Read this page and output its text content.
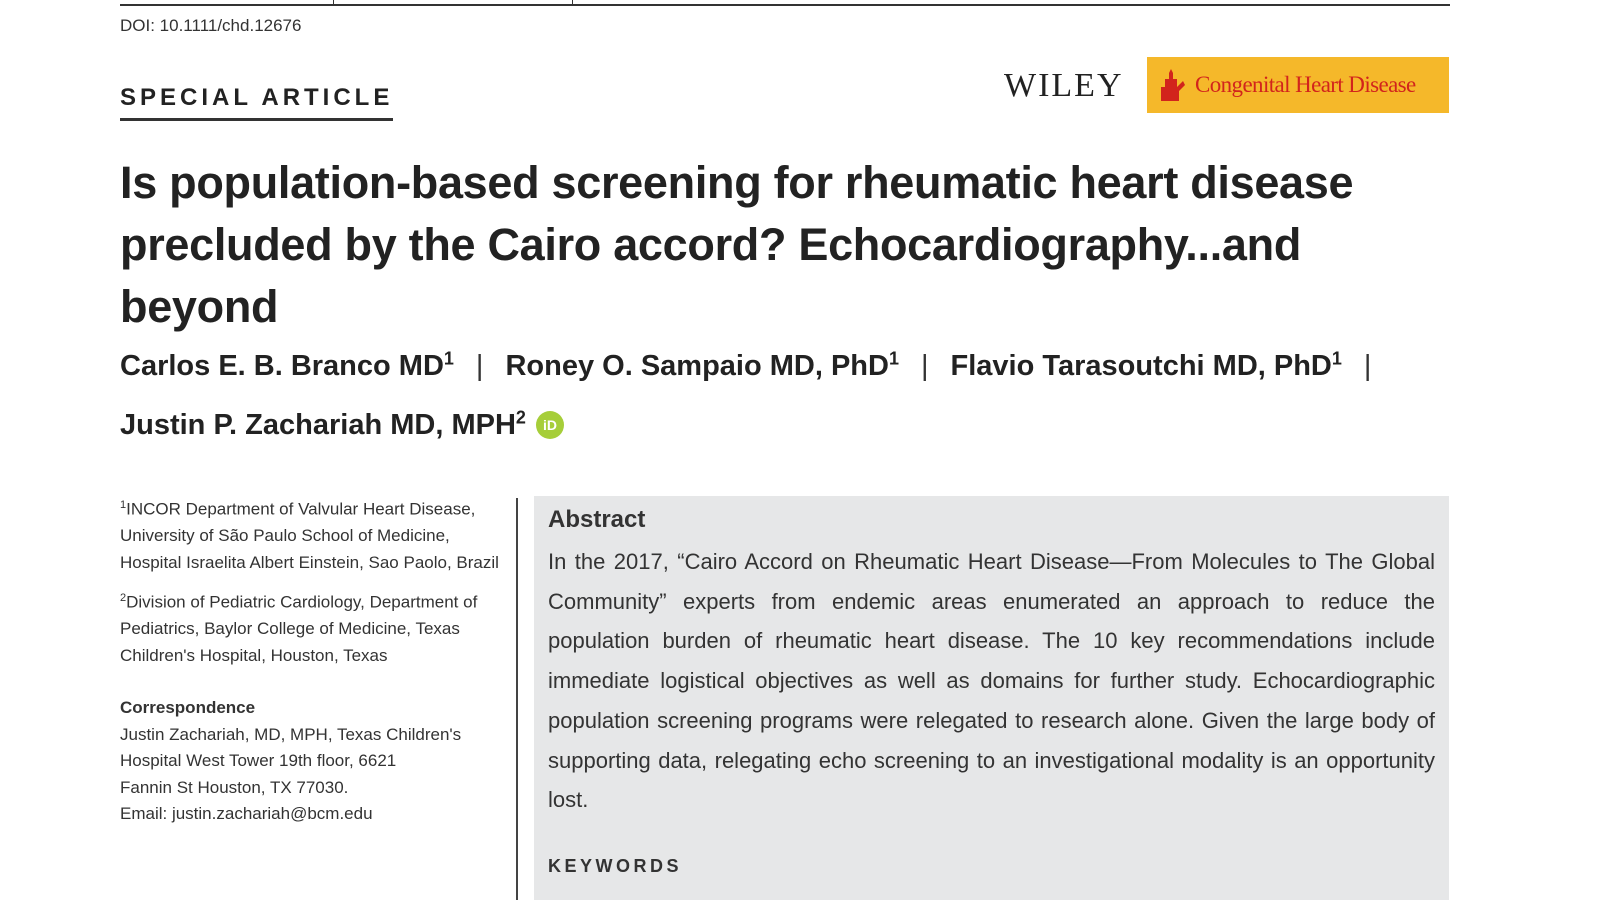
DOI: 10.1111/chd.12676
SPECIAL ARTICLE	WILEY	Congenital Heart Disease
Is population-based screening for rheumatic heart disease
precluded by the Cairo accord? Echocardiography...and beyond
Carlos E. B. Branco $MD^1$ | Roney O. Sampaio MD, PhD$^1$ | Flavio Tarasoutchi MD, PhD$^1$ |
Justin P. Zachariah MD, MPH$^2$ iD
$^1$INCOR Department of Valvular Heart Disease, University of São Paulo School of Medicine, Hospital Israelita Albert Einstein, Sao Paolo, Brazil
$^2$Division of Pediatric Cardiology, Department of Pediatrics, Baylor College of Medicine, Texas Children's Hospital, Houston, Texas
Correspondence
Justin Zachariah, MD, MPH, Texas Children's
Hospital West Tower 19th floor, 6621
Fannin St Houston, TX 77030.
Email: justin.zachariah@bcm.edu
Abstract

In the 2017, “Cairo Accord on Rheumatic Heart Disease—From Molecules to The Global Community” experts from endemic areas enumerated an approach to reduce the population burden of rheumatic heart disease. The 10 key recommendations include immediate logistical objectives as well as domains for further study. Echocardiographic population screening programs were relegated to research alone. Given the large body of supporting data, relegating echo screening to an investigational modality is an opportunity lost.

KEYWORDS
